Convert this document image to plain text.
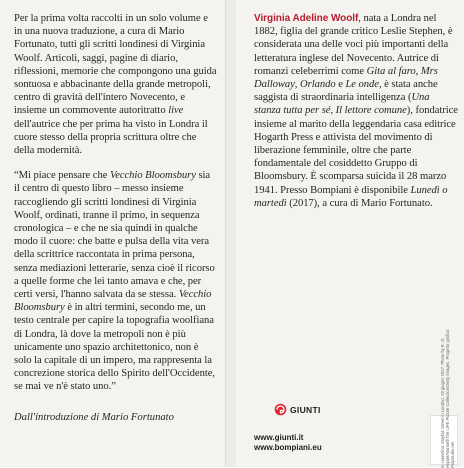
Per la prima volta raccolti in un solo volume e in una nuova traduzione, a cura di Mario Fortunato, tutti gli scritti londinesi di Virginia Woolf. Articoli, saggi, pagine di diario, riflessioni, memorie che compongono una guida sontuosa e abbacinante della grande metropoli, centro di gravità dell'intero Novecento, e insieme un commovente autoritratto live dell'autrice che per prima ha visto in Londra il cuore stesso della propria scrittura oltre che della modernità.

“Mi piace pensare che Vecchio Bloomsbury sia il centro di questo libro – messo insieme raccogliendo gli scritti londinesi di Virginia Woolf, ordinati, tranne il primo, in sequenza cronologica – e che ne sia quindi in qualche modo il cuore: che batte e pulsa della vita vera della scrittrice raccontata in prima persona, senza mediazioni letterarie, senza cioè il ricorso a quelle forme che lei tanto amava e che, per certi versi, l'hanno salvata da se stessa. Vecchio Bloomsbury è in altri termini, secondo me, un testo centrale per capire la topografia woolfiana di Londra, là dove la metropoli non è più unicamente uno spazio architettonico, non è solo la capitale di un impero, ma rappresenta la concrezione storica dello Spirito dell'Occidente, se mai ve n'è stato uno.”

Dall'introduzione di Mario Fortunato

Virginia Adeline Woolf, nata a Londra nel 1882, figlia del grande critico Leslie Stephen, è considerata una delle voci più importanti della letteratura inglese del Novecento. Autrice di romanzi celeberrimi come Gita al faro, Mrs Dalloway, Orlando e Le onde, è stata anche saggista di straordinaria intelligenza (Una stanza tutta per sé, Il lettore comune), fondatrice insieme al marito della leggendaria casa editrice Hogarth Press e attivista del movimento di liberazione femminile, oltre che parte fondamentale del cosiddetto Gruppo di Bloomsbury. È scomparsa suicida il 28 marzo 1941. Presso Bompiani è disponibile Lunedì o martedì (2017), a cura di Mario Fortunato.

GIUNTI
www.giunti.it
www.bompiani.eu	In copertina: Mayfair Street in London, 19 giugno 1927. Photo by E. O. Hoppé/Mansell/The LIFE Picture Collection/Getty Images. Progetto grafico: Polystudio.net
